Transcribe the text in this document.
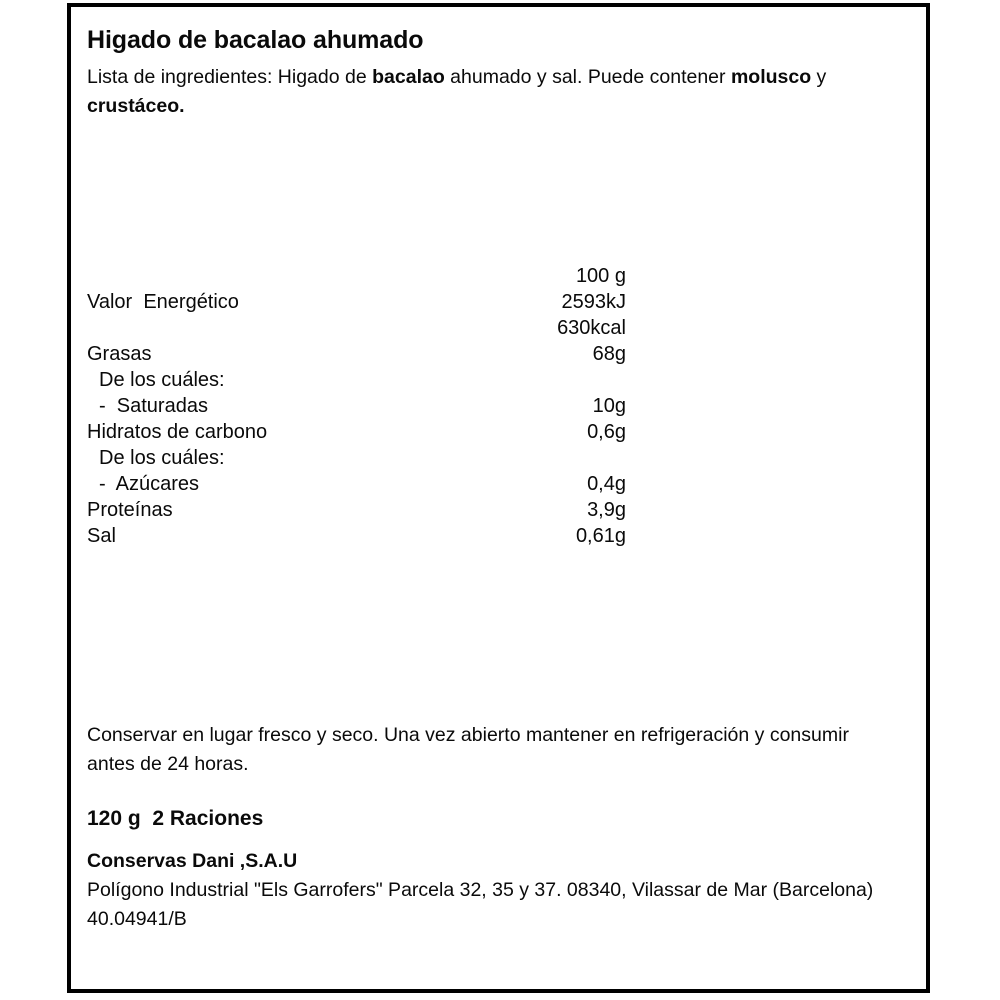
Higado de bacalao ahumado

Lista de ingredientes: Higado de bacalao ahumado y sal. Puede contener molusco y crustáceo.

	100 g
Valor  Energético	2593kJ
	630kcal
Grasas	68g
De los cuáles:	
-  Saturadas	10g
Hidratos de carbono	0,6g
De los cuáles:	
-  Azúcares	0,4g
Proteínas	3,9g
Sal	0,61g

Conservar en lugar fresco y seco. Una vez abierto mantener en refrigeración y consumir antes de 24 horas.

120 g  2 Raciones

Conservas Dani ,S.A.U
Polígono Industrial "Els Garrofers" Parcela 32, 35 y 37. 08340, Vilassar de Mar (Barcelona)
40.04941/B
